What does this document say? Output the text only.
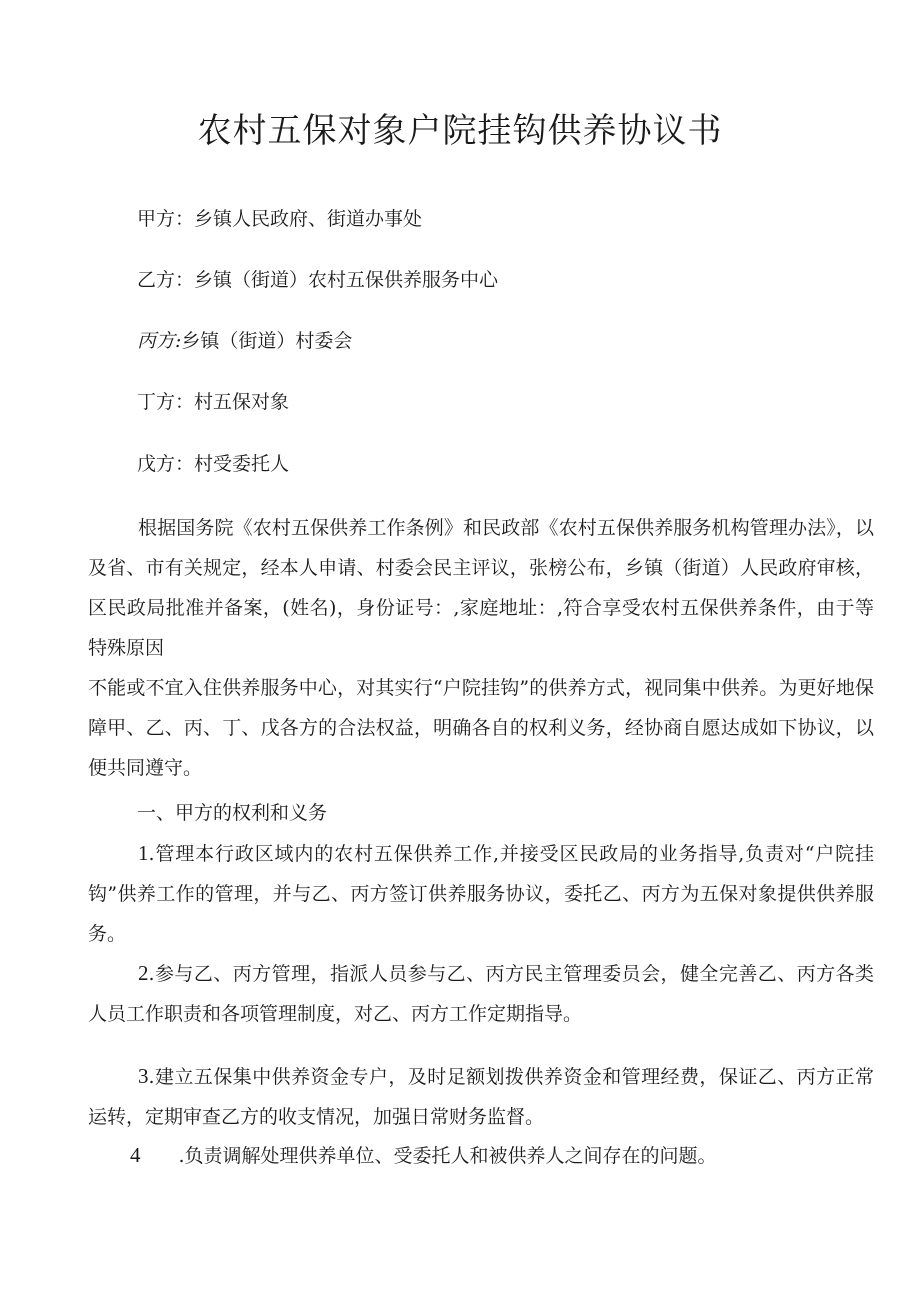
农村五保对象户院挂钩供养协议书
甲方：乡镇人民政府、街道办事处
乙方：乡镇（街道）农村五保供养服务中心
丙方:乡镇（街道）村委会
丁方：村五保对象
戊方：村受委托人
根据国务院《农村五保供养工作条例》和民政部《农村五保供养服务机构管理办法》，以及省、市有关规定，经本人申请、村委会民主评议，张榜公布，乡镇（街道）人民政府审核，区民政局批准并备案，(姓名)，身份证号：,家庭地址：,符合享受农村五保供养条件，由于等特殊原因
不能或不宜入住供养服务中心，对其实行“户院挂钩”的供养方式，视同集中供养。为更好地保障甲、乙、丙、丁、戊各方的合法权益，明确各自的权利义务，经协商自愿达成如下协议，以便共同遵守。
一、甲方的权利和义务
1.管理本行政区域内的农村五保供养工作,并接受区民政局的业务指导,负责对“户院挂钩”供养工作的管理，并与乙、丙方签订供养服务协议，委托乙、丙方为五保对象提供供养服务。
2.参与乙、丙方管理，指派人员参与乙、丙方民主管理委员会，健全完善乙、丙方各类人员工作职责和各项管理制度，对乙、丙方工作定期指导。
3.建立五保集中供养资金专户，及时足额划拨供养资金和管理经费，保证乙、丙方正常运转，定期审查乙方的收支情况，加强日常财务监督。
4 .负责调解处理供养单位、受委托人和被供养人之间存在的问题。
